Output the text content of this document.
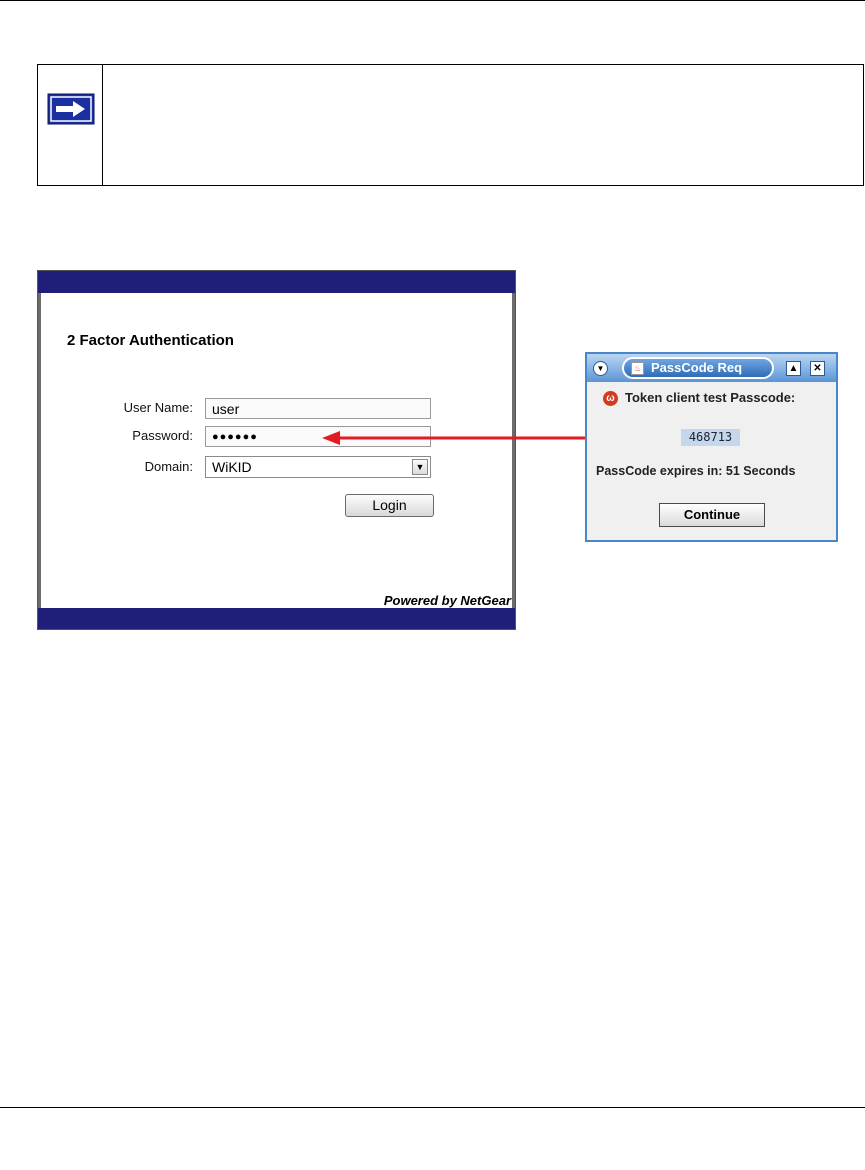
2 Factor Authentication
User Name:	user
Password:	●●●●●●
Domain:	WiKID	▼
Login
Powered by NetGear
▼	♨ PassCode Req	▲	✕
ω Token client test Passcode:
468713
PassCode expires in: 51 Seconds
Continue
